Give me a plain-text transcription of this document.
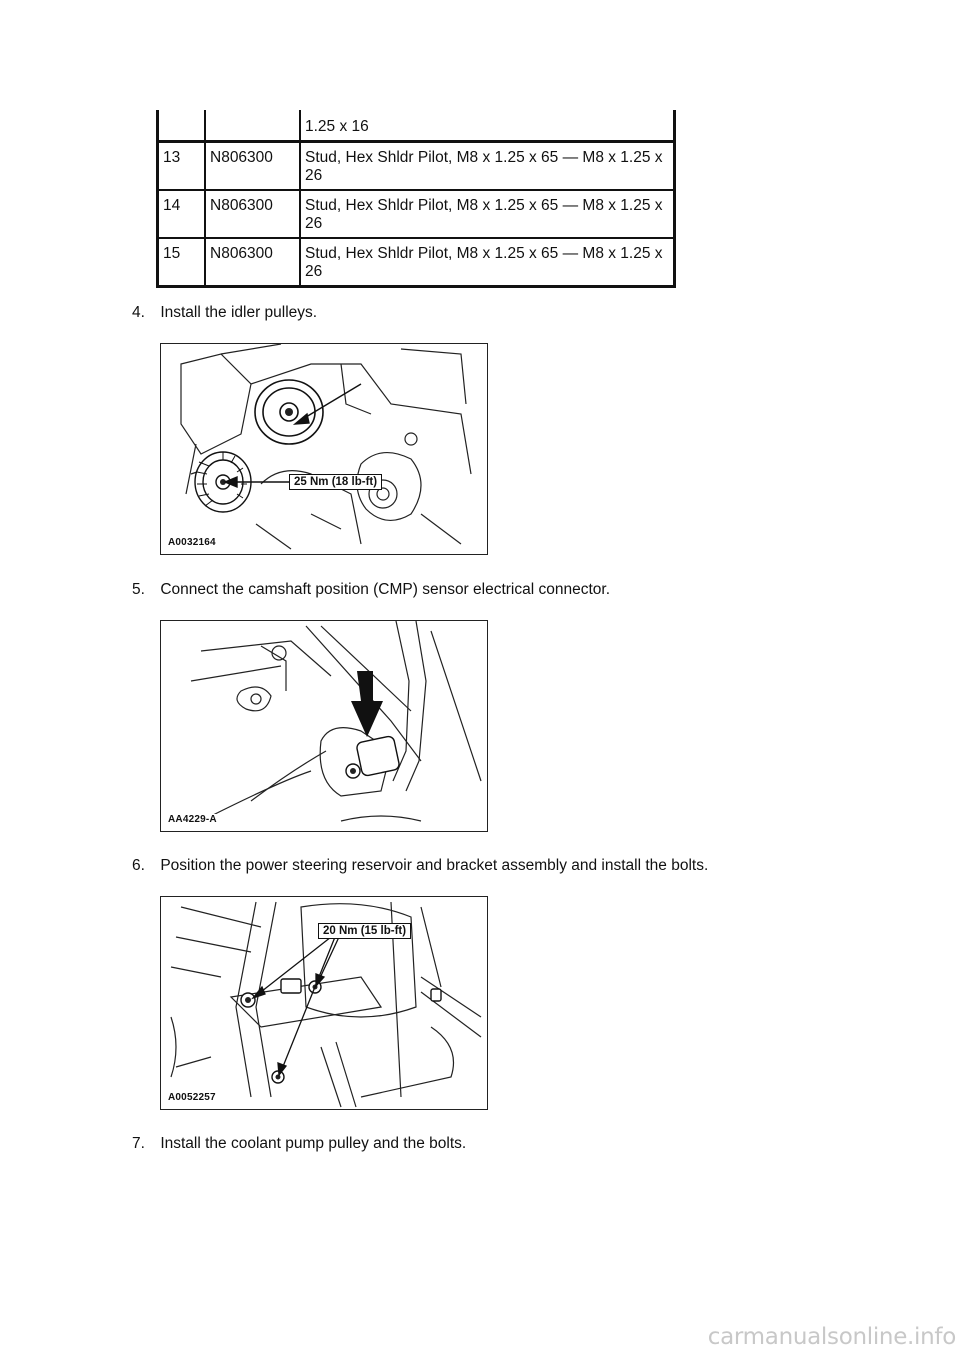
		1.25 x 16
13	N806300	Stud, Hex Shldr Pilot, M8 x 1.25 x 65 — M8 x 1.25 x 26
14	N806300	Stud, Hex Shldr Pilot, M8 x 1.25 x 65 — M8 x 1.25 x 26
15	N806300	Stud, Hex Shldr Pilot, M8 x 1.25 x 65 — M8 x 1.25 x 26
4. Install the idler pulleys.
25 Nm (18 lb-ft)
A0032164
5. Connect the camshaft position (CMP) sensor electrical connector.
AA4229-A
6. Position the power steering reservoir and bracket assembly and install the bolts.
20 Nm (15 lb-ft)
A0052257
7. Install the coolant pump pulley and the bolts.
carmanualsonline.info
